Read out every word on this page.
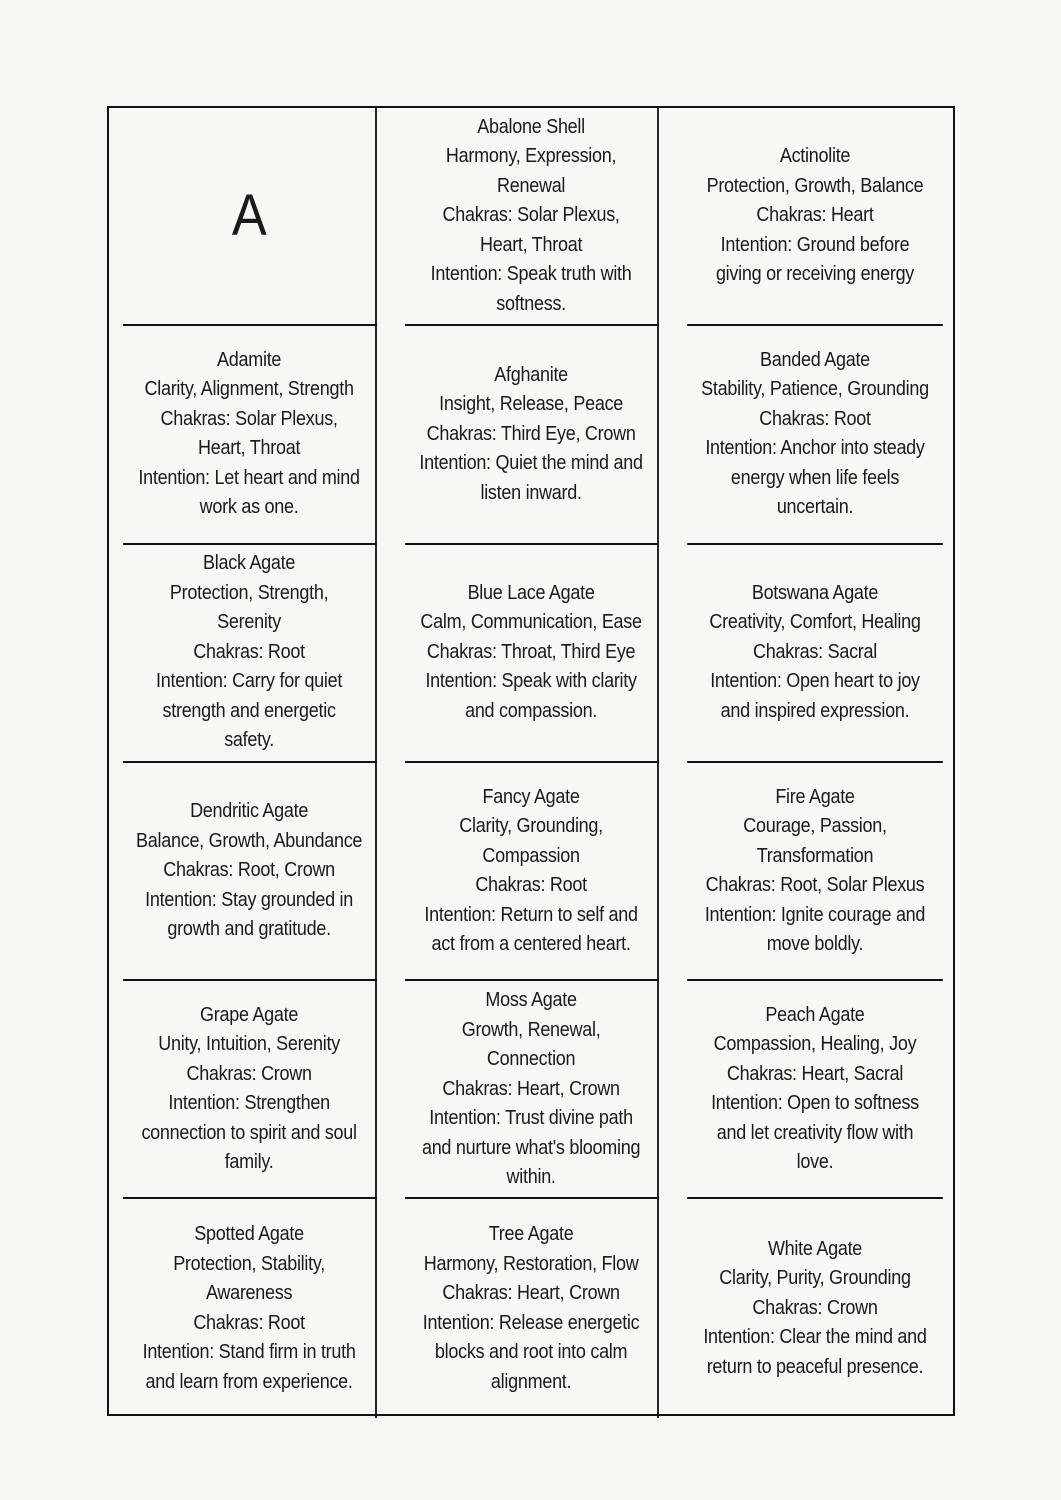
A
Abalone Shell
Harmony, Expression, Renewal
Chakras: Solar Plexus, Heart, Throat
Intention: Speak truth with softness.
Actinolite
Protection, Growth, Balance
Chakras: Heart
Intention: Ground before giving or receiving energy
Adamite
Clarity, Alignment, Strength
Chakras: Solar Plexus, Heart, Throat
Intention: Let heart and mind work as one.
Afghanite
Insight, Release, Peace
Chakras: Third Eye, Crown
Intention: Quiet the mind and listen inward.
Banded Agate
Stability, Patience, Grounding
Chakras: Root
Intention: Anchor into steady energy when life feels uncertain.
Black Agate
Protection, Strength, Serenity
Chakras: Root
Intention: Carry for quiet strength and energetic safety.
Blue Lace Agate
Calm, Communication, Ease
Chakras: Throat, Third Eye
Intention: Speak with clarity and compassion.
Botswana Agate
Creativity, Comfort, Healing
Chakras: Sacral
Intention: Open heart to joy and inspired expression.
Dendritic Agate
Balance, Growth, Abundance
Chakras: Root, Crown
Intention: Stay grounded in growth and gratitude.
Fancy Agate
Clarity, Grounding, Compassion
Chakras: Root
Intention: Return to self and act from a centered heart.
Fire Agate
Courage, Passion, Transformation
Chakras: Root, Solar Plexus
Intention: Ignite courage and move boldly.
Grape Agate
Unity, Intuition, Serenity
Chakras: Crown
Intention: Strengthen connection to spirit and soul family.
Moss Agate
Growth, Renewal, Connection
Chakras: Heart, Crown
Intention: Trust divine path and nurture what's blooming within.
Peach Agate
Compassion, Healing, Joy
Chakras: Heart, Sacral
Intention: Open to softness and let creativity flow with love.
Spotted Agate
Protection, Stability, Awareness
Chakras: Root
Intention: Stand firm in truth and learn from experience.
Tree Agate
Harmony, Restoration, Flow
Chakras: Heart, Crown
Intention: Release energetic blocks and root into calm alignment.
White Agate
Clarity, Purity, Grounding
Chakras: Crown
Intention: Clear the mind and return to peaceful presence.
